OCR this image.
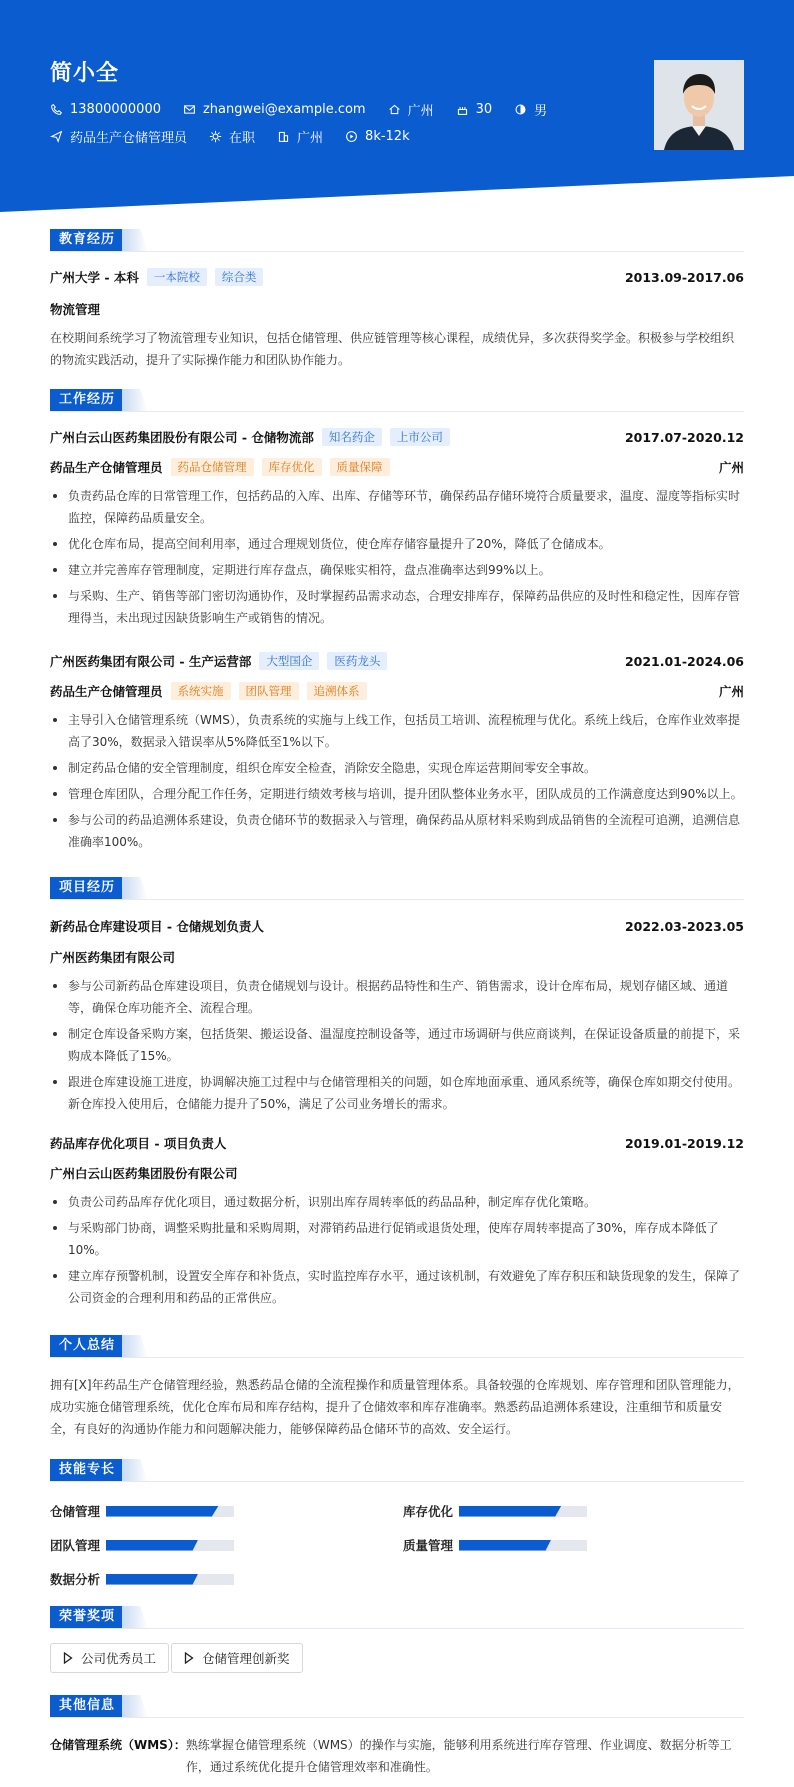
简小全
13800000000	zhangwei@example.com	广州	30	男
药品生产仓储管理员	在职	广州	8k-12k
教育经历
广州大学 - 本科	一本院校	综合类	2013.09-2017.06
物流管理
在校期间系统学习了物流管理专业知识，包括仓储管理、供应链管理等核心课程，成绩优异，多次获得奖学金。积极参与学校组织的物流实践活动，提升了实际操作能力和团队协作能力。
工作经历
广州白云山医药集团股份有限公司 - 仓储物流部	知名药企	上市公司	2017.07-2020.12
药品生产仓储管理员	药品仓储管理	库存优化	质量保障	广州
负责药品仓库的日常管理工作，包括药品的入库、出库、存储等环节，确保药品存储环境符合质量要求，温度、湿度等指标实时监控，保障药品质量安全。
优化仓库布局，提高空间利用率，通过合理规划货位，使仓库存储容量提升了20%，降低了仓储成本。
建立并完善库存管理制度，定期进行库存盘点，确保账实相符，盘点准确率达到99%以上。
与采购、生产、销售等部门密切沟通协作，及时掌握药品需求动态，合理安排库存，保障药品供应的及时性和稳定性，因库存管理得当，未出现过因缺货影响生产或销售的情况。
广州医药集团有限公司 - 生产运营部	大型国企	医药龙头	2021.01-2024.06
药品生产仓储管理员	系统实施	团队管理	追溯体系	广州
主导引入仓储管理系统（WMS），负责系统的实施与上线工作，包括员工培训、流程梳理与优化。系统上线后，仓库作业效率提高了30%，数据录入错误率从5%降低至1%以下。
制定药品仓储的安全管理制度，组织仓库安全检查，消除安全隐患，实现仓库运营期间零安全事故。
管理仓库团队，合理分配工作任务，定期进行绩效考核与培训，提升团队整体业务水平，团队成员的工作满意度达到90%以上。
参与公司的药品追溯体系建设，负责仓储环节的数据录入与管理，确保药品从原材料采购到成品销售的全流程可追溯，追溯信息准确率100%。
项目经历
新药品仓库建设项目 - 仓储规划负责人	2022.03-2023.05
广州医药集团有限公司
参与公司新药品仓库建设项目，负责仓储规划与设计。根据药品特性和生产、销售需求，设计仓库布局，规划存储区域、通道等，确保仓库功能齐全、流程合理。
制定仓库设备采购方案，包括货架、搬运设备、温湿度控制设备等，通过市场调研与供应商谈判，在保证设备质量的前提下，采购成本降低了15%。
跟进仓库建设施工进度，协调解决施工过程中与仓储管理相关的问题，如仓库地面承重、通风系统等，确保仓库如期交付使用。新仓库投入使用后，仓储能力提升了50%，满足了公司业务增长的需求。
药品库存优化项目 - 项目负责人	2019.01-2019.12
广州白云山医药集团股份有限公司
负责公司药品库存优化项目，通过数据分析，识别出库存周转率低的药品品种，制定库存优化策略。
与采购部门协商，调整采购批量和采购周期，对滞销药品进行促销或退货处理，使库存周转率提高了30%，库存成本降低了10%。
建立库存预警机制，设置安全库存和补货点，实时监控库存水平，通过该机制，有效避免了库存积压和缺货现象的发生，保障了公司资金的合理利用和药品的正常供应。
个人总结
拥有[X]年药品生产仓储管理经验，熟悉药品仓储的全流程操作和质量管理体系。具备较强的仓库规划、库存管理和团队管理能力，成功实施仓储管理系统，优化仓库布局和库存结构，提升了仓储效率和库存准确率。熟悉药品追溯体系建设，注重细节和质量安全，有良好的沟通协作能力和问题解决能力，能够保障药品仓储环节的高效、安全运行。
技能专长
仓储管理	库存优化
团队管理	质量管理
数据分析
荣誉奖项
公司优秀员工	仓储管理创新奖
其他信息
仓储管理系统（WMS）： 熟练掌握仓储管理系统（WMS）的操作与实施，能够利用系统进行库存管理、作业调度、数据分析等工作，通过系统优化提升仓储管理效率和准确性。
